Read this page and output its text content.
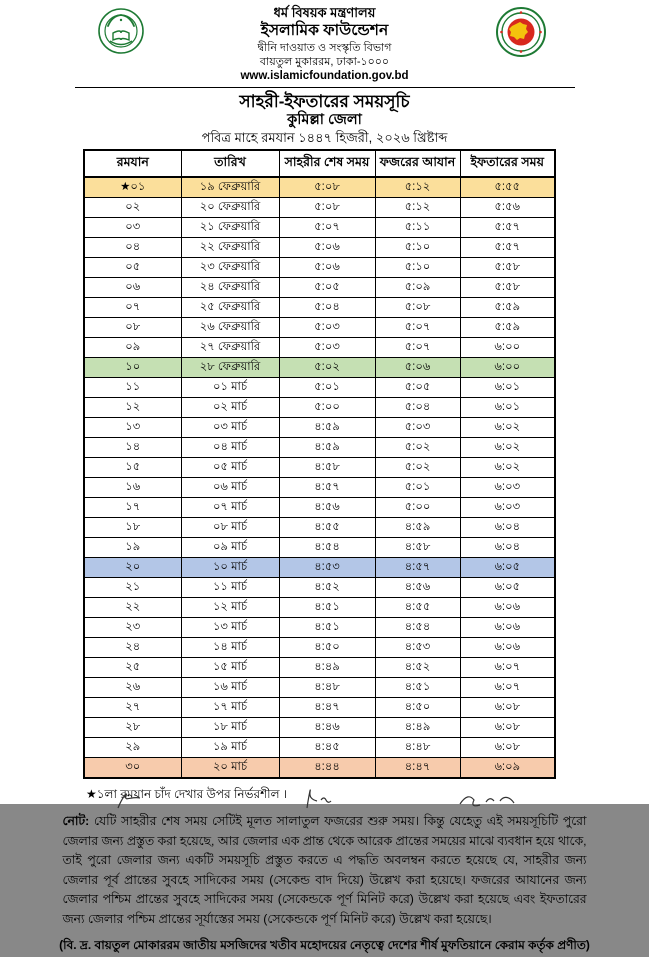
ধর্ম বিষয়ক মন্ত্রণালয়
ইসলামিক ফাউন্ডেশন
দ্বীনি দাওয়াত ও সংস্কৃতি বিভাগ
বায়তুল মুকাররম, ঢাকা-১০০০
www.islamicfoundation.gov.bd
সাহরী-ইফতারের সময়সূচি
কুমিল্লা জেলা
পবিত্র মাহে রমযান ১৪৪৭ হিজরী, ২০২৬ খ্রিষ্টাব্দ
রমযান	তারিখ	সাহরীর শেষ সময়	ফজরের আযান	ইফতারের সময়
★০১	১৯ ফেব্রুয়ারি	৫:০৮	৫:১২	৫:৫৫
০২	২০ ফেব্রুয়ারি	৫:০৮	৫:১২	৫:৫৬
০৩	২১ ফেব্রুয়ারি	৫:০৭	৫:১১	৫:৫৭
০৪	২২ ফেব্রুয়ারি	৫:০৬	৫:১০	৫:৫৭
০৫	২৩ ফেব্রুয়ারি	৫:০৬	৫:১০	৫:৫৮
০৬	২৪ ফেব্রুয়ারি	৫:০৫	৫:০৯	৫:৫৮
০৭	২৫ ফেব্রুয়ারি	৫:০৪	৫:০৮	৫:৫৯
০৮	২৬ ফেব্রুয়ারি	৫:০৩	৫:০৭	৫:৫৯
০৯	২৭ ফেব্রুয়ারি	৫:০৩	৫:০৭	৬:০০
১০	২৮ ফেব্রুয়ারি	৫:০২	৫:০৬	৬:০০
১১	০১ মার্চ	৫:০১	৫:০৫	৬:০১
১২	০২ মার্চ	৫:০০	৫:০৪	৬:০১
১৩	০৩ মার্চ	৪:৫৯	৫:০৩	৬:০২
১৪	০৪ মার্চ	৪:৫৯	৫:০২	৬:০২
১৫	০৫ মার্চ	৪:৫৮	৫:০২	৬:০২
১৬	০৬ মার্চ	৪:৫৭	৫:০১	৬:০৩
১৭	০৭ মার্চ	৪:৫৬	৫:০০	৬:০৩
১৮	০৮ মার্চ	৪:৫৫	৪:৫৯	৬:০৪
১৯	০৯ মার্চ	৪:৫৪	৪:৫৮	৬:০৪
২০	১০ মার্চ	৪:৫৩	৪:৫৭	৬:০৫
২১	১১ মার্চ	৪:৫২	৪:৫৬	৬:০৫
২২	১২ মার্চ	৪:৫১	৪:৫৫	৬:০৬
২৩	১৩ মার্চ	৪:৫১	৪:৫৪	৬:০৬
২৪	১৪ মার্চ	৪:৫০	৪:৫৩	৬:০৬
২৫	১৫ মার্চ	৪:৪৯	৪:৫২	৬:০৭
২৬	১৬ মার্চ	৪:৪৮	৪:৫১	৬:০৭
২৭	১৭ মার্চ	৪:৪৭	৪:৫০	৬:০৮
২৮	১৮ মার্চ	৪:৪৬	৪:৪৯	৬:০৮
২৯	১৯ মার্চ	৪:৪৫	৪:৪৮	৬:০৮
৩০	২০ মার্চ	৪:৪৪	৪:৪৭	৬:০৯
★১লা রমযান চাঁদ দেখার উপর নির্ভরশীল ।
নোট: যেটি সাহরীর শেষ সময় সেটিই মূলত সালাতুল ফজরের শুরু সময়। কিন্তু যেহেতু এই সময়সূচিটি পুরো জেলার জন্য প্রস্তুত করা হয়েছে, আর জেলার এক প্রান্ত থেকে আরেক প্রান্তের সময়ের মাঝে ব্যবধান হয়ে থাকে, তাই পুরো জেলার জন্য একটি সময়সূচি প্রস্তুত করতে এ পদ্ধতি অবলম্বন করতে হয়েছে যে, সাহরীর জন্য জেলার পূর্ব প্রান্তের সুবহে সাদিকের সময় (সেকেন্ড বাদ দিয়ে) উল্লেখ করা হয়েছে। ফজরের আযানের জন্য জেলার পশ্চিম প্রান্তের সুবহে সাদিকের সময় (সেকেন্ডকে পূর্ণ মিনিট করে) উল্লেখ করা হয়েছে এবং ইফতারের জন্য জেলার পশ্চিম প্রান্তের সূর্যাস্তের সময় (সেকেন্ডকে পূর্ণ মিনিট করে) উল্লেখ করা হয়েছে।
(বি. দ্র. বায়তুল মোকাররম জাতীয় মসজিদের খতীব মহোদয়ের নেতৃত্বে দেশের শীর্ষ মুফতিয়ানে কেরাম কর্তৃক প্রণীত)
